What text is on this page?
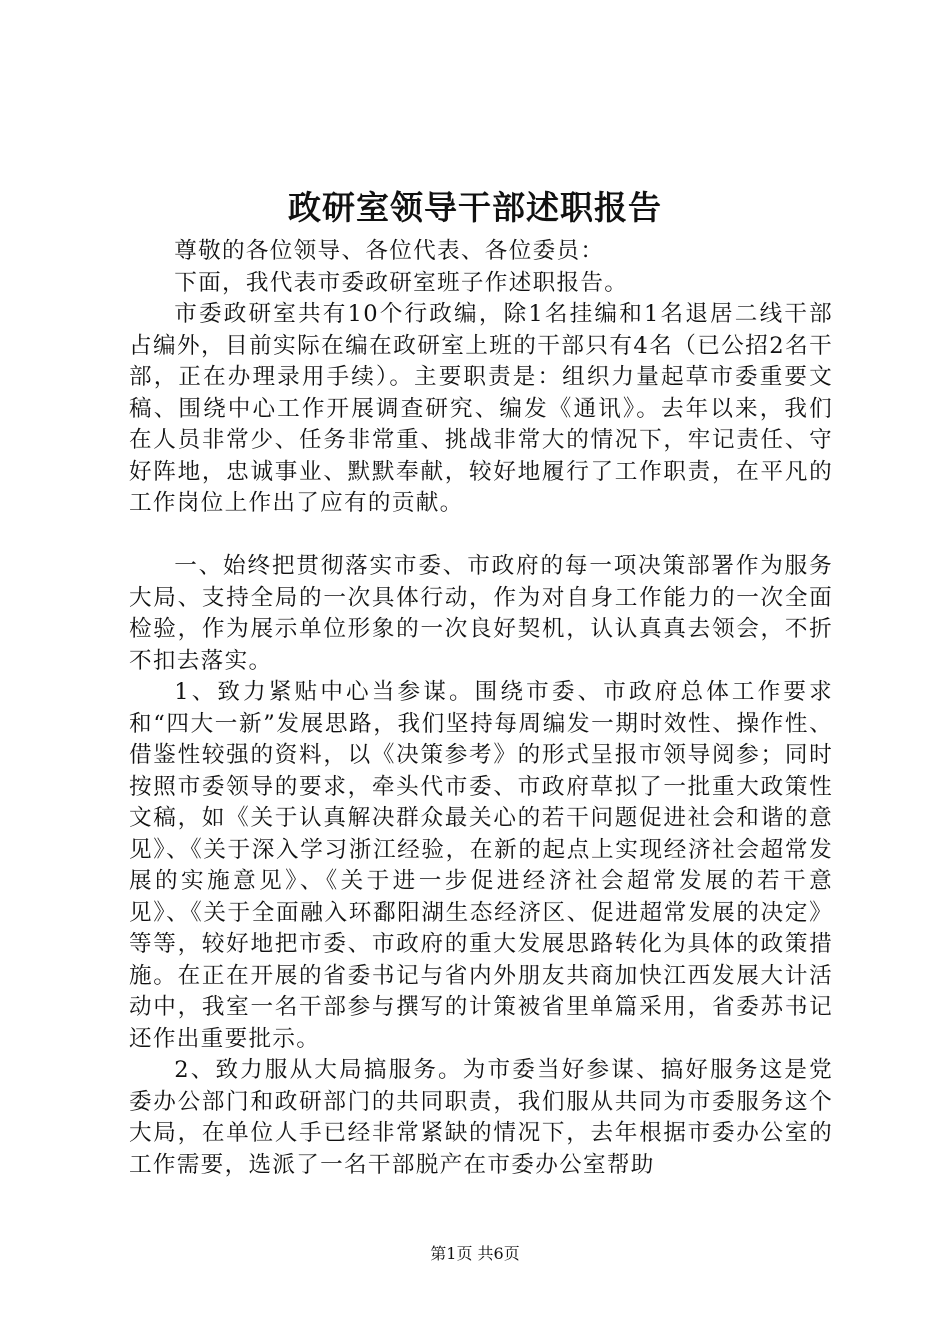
政研室领导干部述职报告

尊敬的各位领导、各位代表、各位委员：

下面，我代表市委政研室班子作述职报告。

市委政研室共有10个行政编，除1名挂编和1名退居二线干部占编外，目前实际在编在政研室上班的干部只有4名（已公招2名干部，正在办理录用手续）。主要职责是：组织力量起草市委重要文稿、围绕中心工作开展调查研究、编发《通讯》。去年以来，我们在人员非常少、任务非常重、挑战非常大的情况下，牢记责任、守好阵地，忠诚事业、默默奉献，较好地履行了工作职责，在平凡的工作岗位上作出了应有的贡献。

一、始终把贯彻落实市委、市政府的每一项决策部署作为服务大局、支持全局的一次具体行动，作为对自身工作能力的一次全面检验，作为展示单位形象的一次良好契机，认认真真去领会，不折不扣去落实。

1、致力紧贴中心当参谋。围绕市委、市政府总体工作要求和“四大一新”发展思路，我们坚持每周编发一期时效性、操作性、借鉴性较强的资料，以《决策参考》的形式呈报市领导阅参；同时按照市委领导的要求，牵头代市委、市政府草拟了一批重大政策性文稿，如《关于认真解决群众最关心的若干问题促进社会和谐的意见》、《关于深入学习浙江经验，在新的起点上实现经济社会超常发展的实施意见》、《关于进一步促进经济社会超常发展的若干意见》、《关于全面融入环鄱阳湖生态经济区、促进超常发展的决定》等等，较好地把市委、市政府的重大发展思路转化为具体的政策措施。在正在开展的省委书记与省内外朋友共商加快江西发展大计活动中，我室一名干部参与撰写的计策被省里单篇采用，省委苏书记还作出重要批示。

2、致力服从大局搞服务。为市委当好参谋、搞好服务这是党委办公部门和政研部门的共同职责，我们服从共同为市委服务这个大局，在单位人手已经非常紧缺的情况下，去年根据市委办公室的工作需要，选派了一名干部脱产在市委办公室帮助

第1页 共6页
